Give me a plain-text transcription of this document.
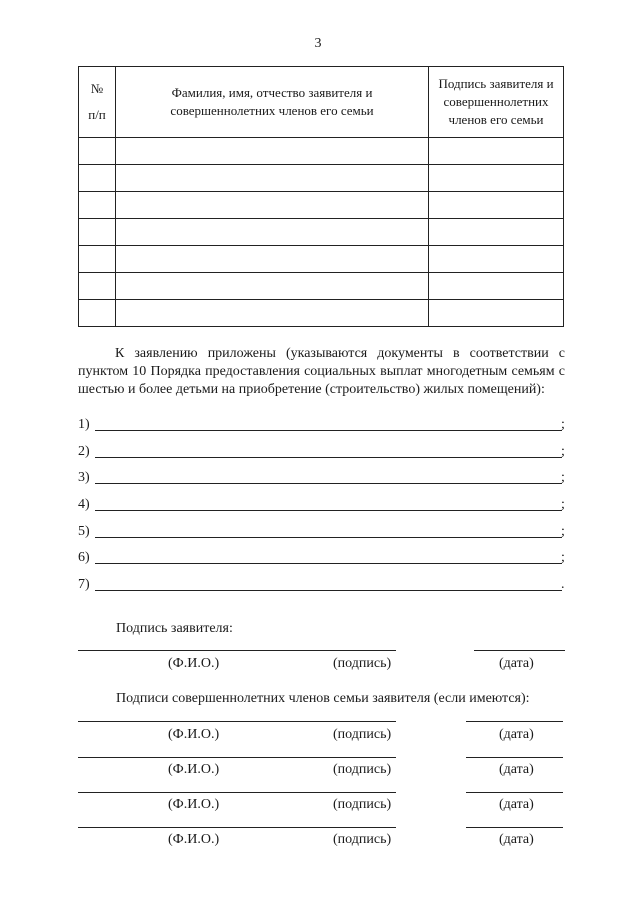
3
№
п/п	Фамилия, имя, отчество заявителя и совершеннолетних членов его семьи	Подпись заявителя и совершеннолетних членов его семьи

К заявлению приложены (указываются документы в соответствии с пунктом 10 Порядка предоставления социальных выплат многодетным семьям с шестью и более детьми на приобретение (строительство) жилых помещений):
1)	;
2)	;
3)	;
4)	;
5)	;
6)	;
7)	.
Подпись заявителя:
(Ф.И.О.)	(подпись)	(дата)
Подписи совершеннолетних членов семьи заявителя (если имеются):
(Ф.И.О.)	(подпись)	(дата)
(Ф.И.О.)	(подпись)	(дата)
(Ф.И.О.)	(подпись)	(дата)
(Ф.И.О.)	(подпись)	(дата)
